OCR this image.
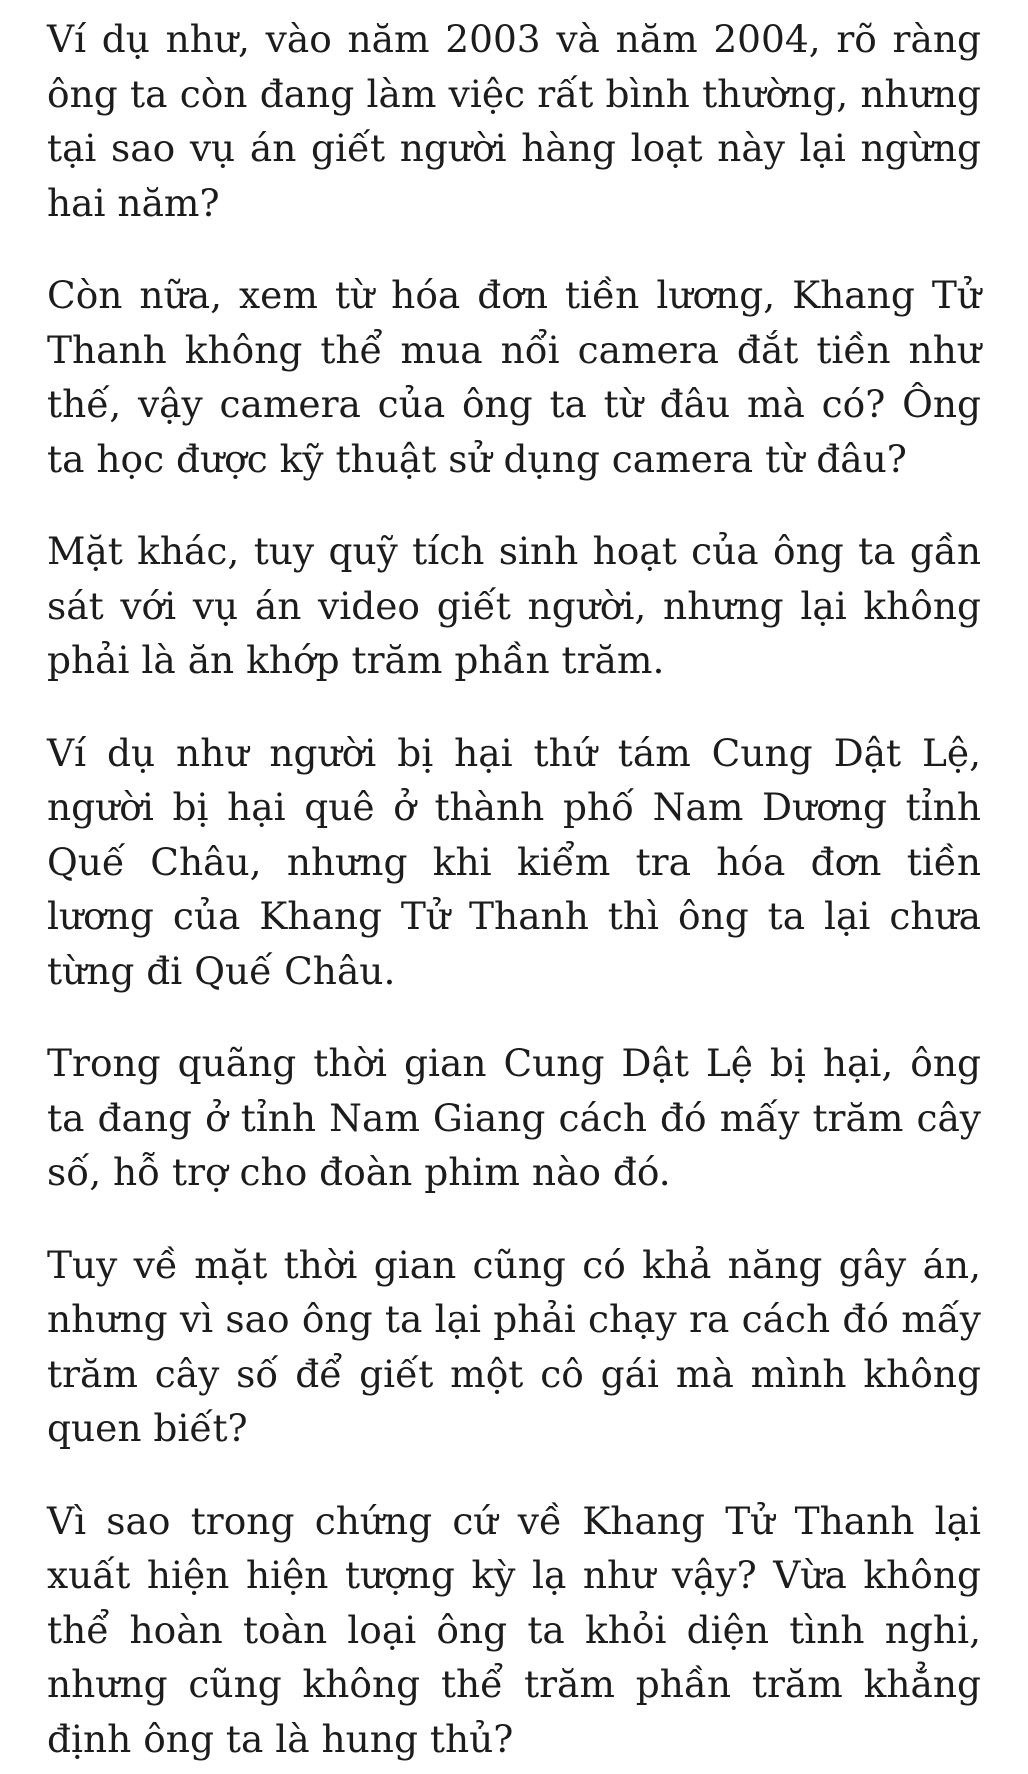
Ví dụ như, vào năm 2003 và năm 2004, rõ ràng ông ta còn đang làm việc rất bình thường, nhưng tại sao vụ án giết người hàng loạt này lại ngừng hai năm?

Còn nữa, xem từ hóa đơn tiền lương, Khang Tử Thanh không thể mua nổi camera đắt tiền như thế, vậy camera của ông ta từ đâu mà có? Ông ta học được kỹ thuật sử dụng camera từ đâu?

Mặt khác, tuy quỹ tích sinh hoạt của ông ta gần sát với vụ án video giết người, nhưng lại không phải là ăn khớp trăm phần trăm.

Ví dụ như người bị hại thứ tám Cung Dật Lệ, người bị hại quê ở thành phố Nam Dương tỉnh Quế Châu, nhưng khi kiểm tra hóa đơn tiền lương của Khang Tử Thanh thì ông ta lại chưa từng đi Quế Châu.

Trong quãng thời gian Cung Dật Lệ bị hại, ông ta đang ở tỉnh Nam Giang cách đó mấy trăm cây số, hỗ trợ cho đoàn phim nào đó.

Tuy về mặt thời gian cũng có khả năng gây án, nhưng vì sao ông ta lại phải chạy ra cách đó mấy trăm cây số để giết một cô gái mà mình không quen biết?

Vì sao trong chứng cứ về Khang Tử Thanh lại xuất hiện hiện tượng kỳ lạ như vậy? Vừa không thể hoàn toàn loại ông ta khỏi diện tình nghi, nhưng cũng không thể trăm phần trăm khẳng định ông ta là hung thủ?
